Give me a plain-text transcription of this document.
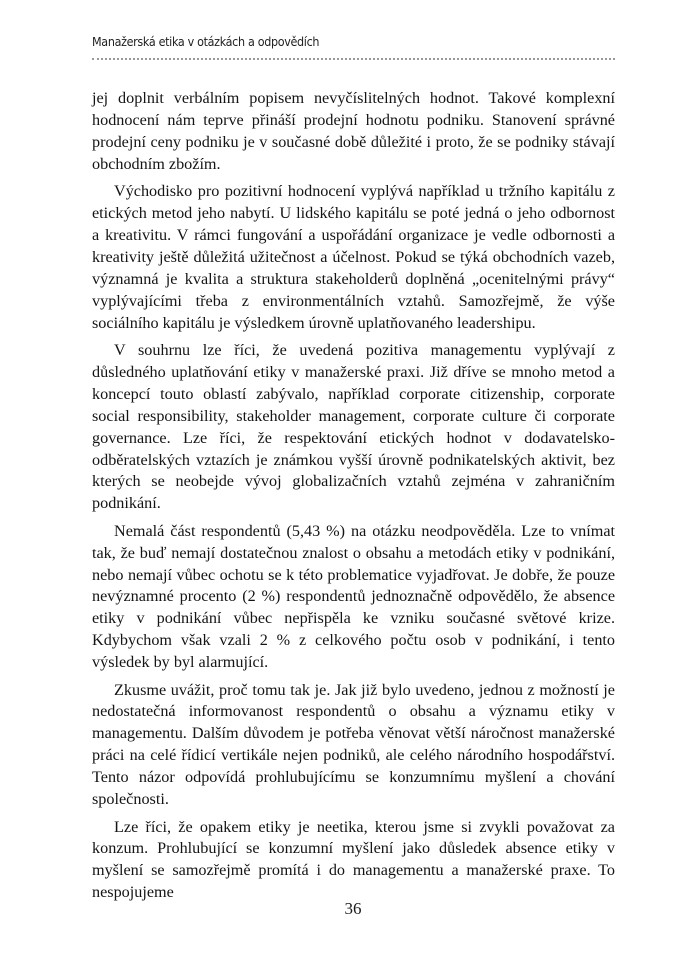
Manažerská etika v otázkách a odpovědích

jej doplnit verbálním popisem nevyčíslitelných hodnot. Takové komplexní hodnocení nám teprve přináší prodejní hodnotu podniku. Stanovení správné prodejní ceny podniku je v současné době důležité i proto, že se podniky stávají obchodním zbožím.

Východisko pro pozitivní hodnocení vyplývá například u tržního kapitálu z etických metod jeho nabytí. U lidského kapitálu se poté jedná o jeho odbornost a kreativitu. V rámci fungování a uspořádání organizace je vedle odbornosti a kreativity ještě důležitá užitečnost a účelnost. Pokud se týká obchodních vazeb, významná je kvalita a struktura stakeholderů doplněná „ocenitelnými právy“ vyplývajícími třeba z environmentálních vztahů. Samozřejmě, že výše sociálního kapitálu je výsledkem úrovně uplatňovaného leadershipu.

V souhrnu lze říci, že uvedená pozitiva managementu vyplývají z důsledného uplatňování etiky v manažerské praxi. Již dříve se mnoho metod a koncepcí touto oblastí zabývalo, například corporate citizenship, corporate social responsibility, stakeholder management, corporate culture či corporate governance. Lze říci, že respektování etických hodnot v dodavatelsko-odběratelských vztazích je známkou vyšší úrovně podnikatelských aktivit, bez kterých se neobejde vývoj globalizačních vztahů zejména v zahraničním podnikání.

Nemalá část respondentů (5,43 %) na otázku neodpověděla. Lze to vnímat tak, že buď nemají dostatečnou znalost o obsahu a metodách etiky v podnikání, nebo nemají vůbec ochotu se k této problematice vyjadřovat. Je dobře, že pouze nevýznamné procento (2 %) respondentů jednoznačně odpovědělo, že absence etiky v podnikání vůbec nepřispěla ke vzniku současné světové krize. Kdybychom však vzali 2 % z celkového počtu osob v podnikání, i tento výsledek by byl alarmující.

Zkusme uvážit, proč tomu tak je. Jak již bylo uvedeno, jednou z možností je nedostatečná informovanost respondentů o obsahu a významu etiky v managementu. Dalším důvodem je potřeba věnovat větší náročnost manažerské práci na celé řídicí vertikále nejen podniků, ale celého národního hospodářství. Tento názor odpovídá prohlubujícímu se konzumnímu myšlení a chování společnosti.

Lze říci, že opakem etiky je neetika, kterou jsme si zvykli považovat za konzum. Prohlubující se konzumní myšlení jako důsledek absence etiky v myšlení se samozřejmě promítá i do managementu a manažerské praxe. To nespojujeme

36
